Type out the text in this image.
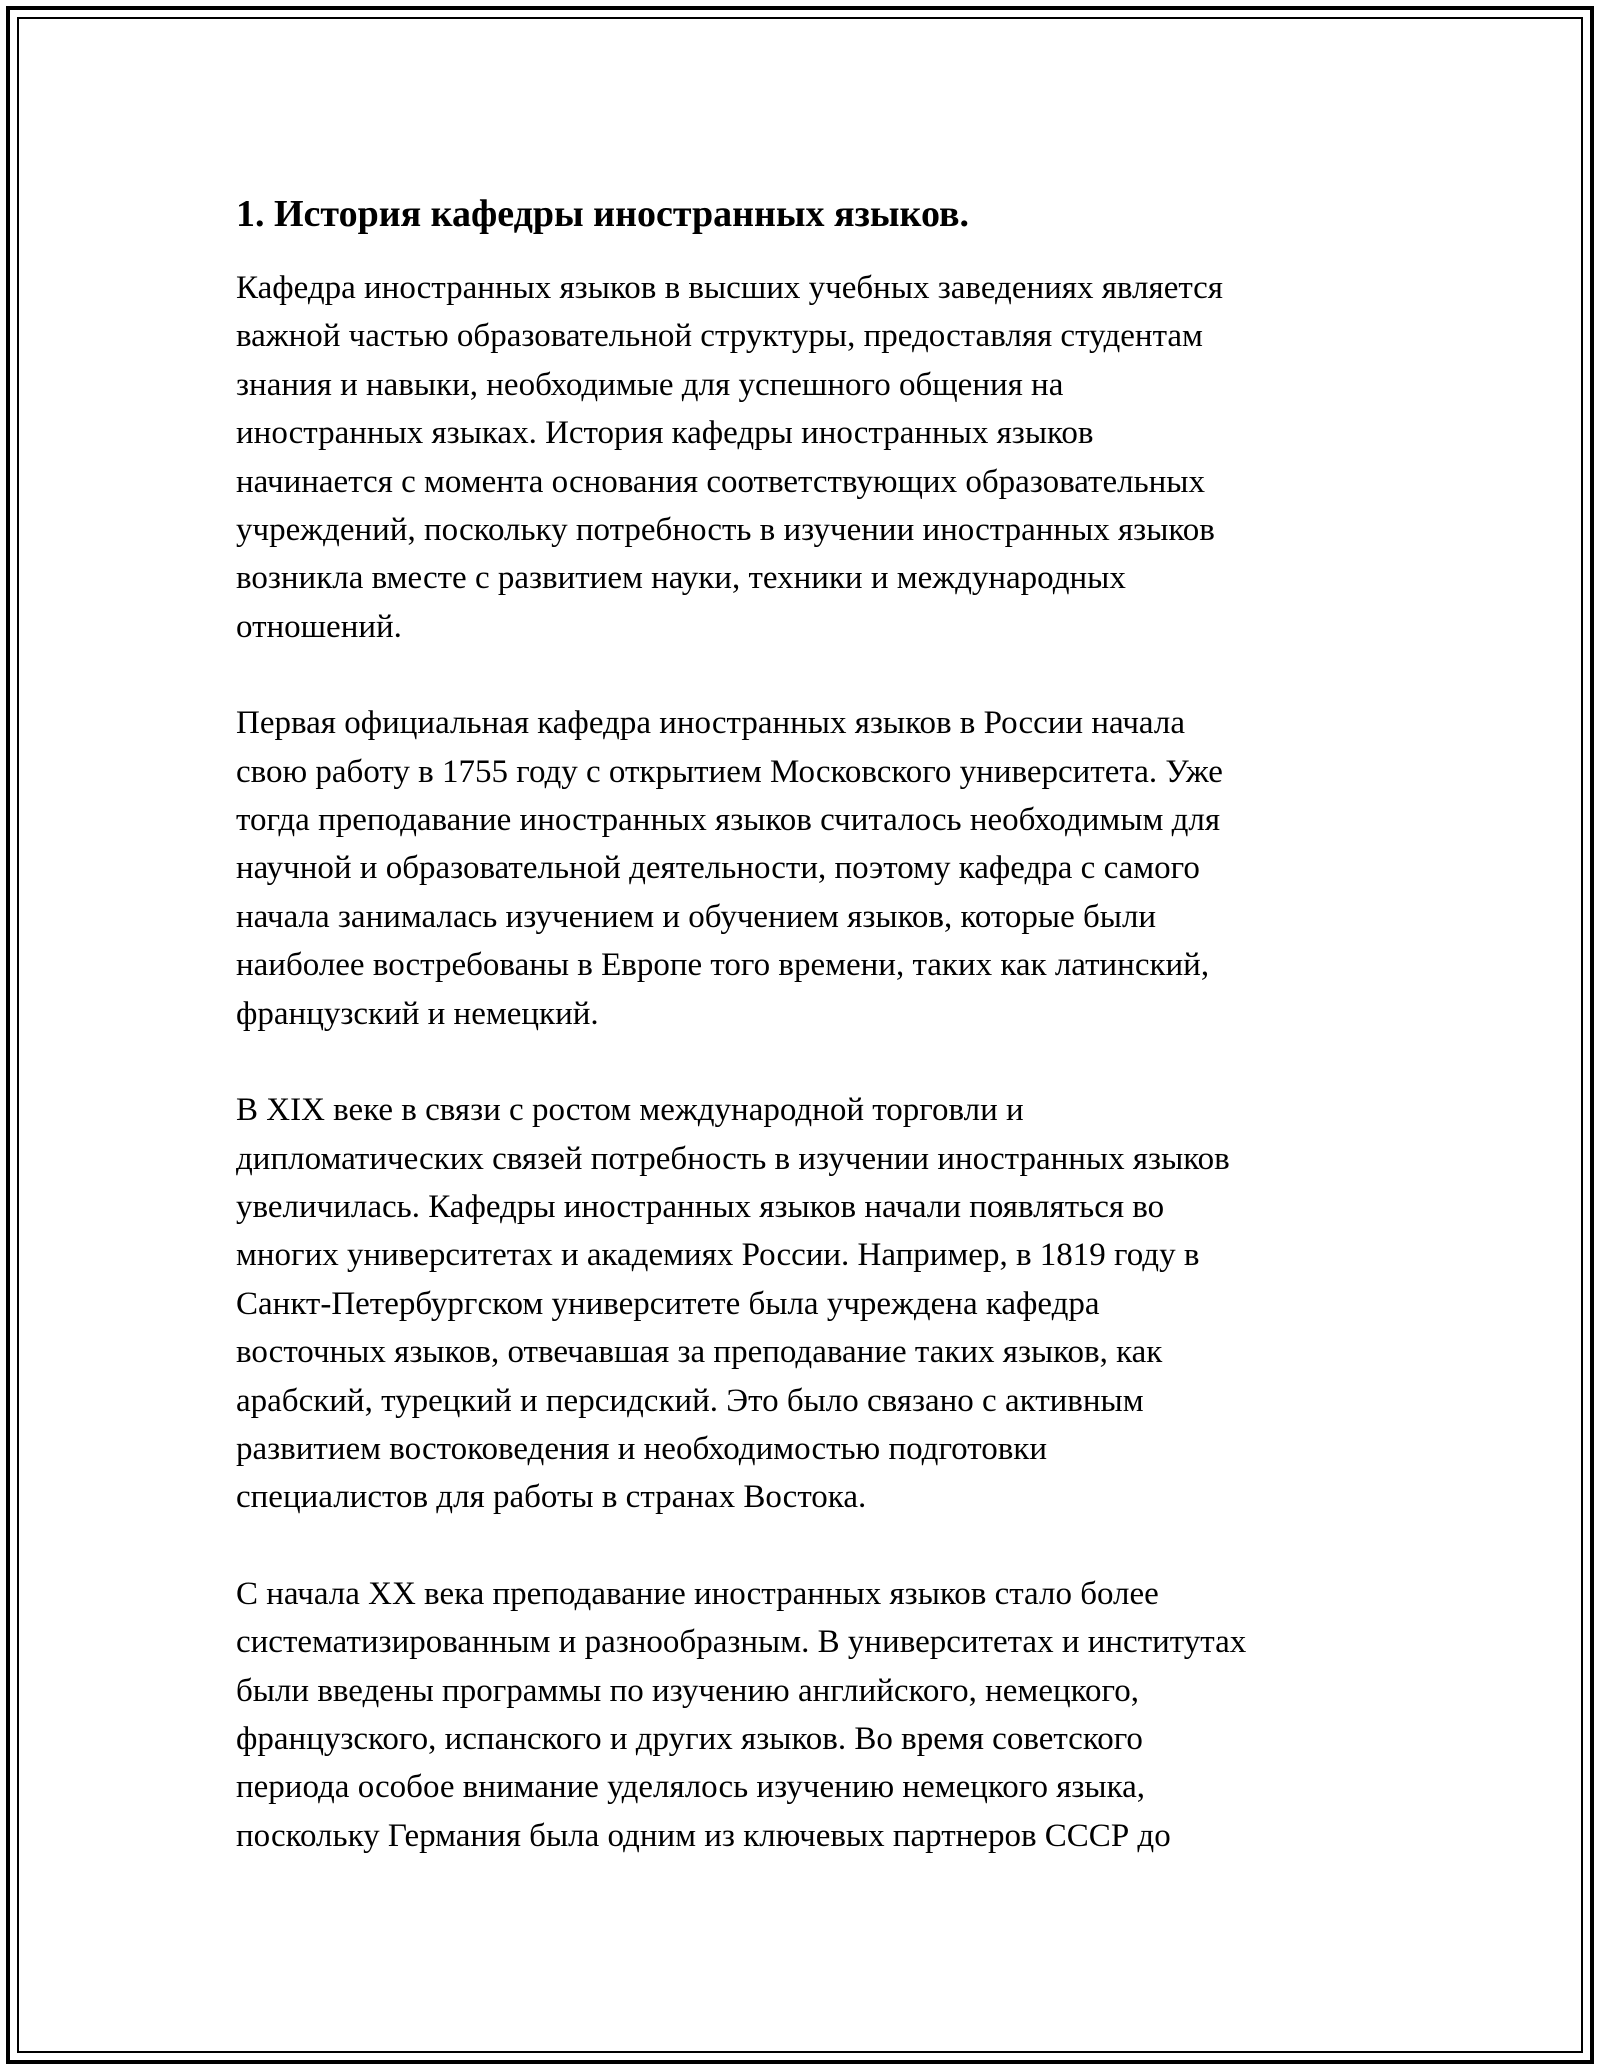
1. История кафедры иностранных языков.

Кафедра иностранных языков в высших учебных заведениях является
важной частью образовательной структуры, предоставляя студентам
знания и навыки, необходимые для успешного общения на
иностранных языках. История кафедры иностранных языков
начинается с момента основания соответствующих образовательных
учреждений, поскольку потребность в изучении иностранных языков
возникла вместе с развитием науки, техники и международных
отношений.

Первая официальная кафедра иностранных языков в России начала
свою работу в 1755 году с открытием Московского университета. Уже
тогда преподавание иностранных языков считалось необходимым для
научной и образовательной деятельности, поэтому кафедра с самого
начала занималась изучением и обучением языков, которые были
наиболее востребованы в Европе того времени, таких как латинский,
французский и немецкий.

В XIX веке в связи с ростом международной торговли и
дипломатических связей потребность в изучении иностранных языков
увеличилась. Кафедры иностранных языков начали появляться во
многих университетах и академиях России. Например, в 1819 году в
Санкт-Петербургском университете была учреждена кафедра
восточных языков, отвечавшая за преподавание таких языков, как
арабский, турецкий и персидский. Это было связано с активным
развитием востоковедения и необходимостью подготовки
специалистов для работы в странах Востока.

С начала XX века преподавание иностранных языков стало более
систематизированным и разнообразным. В университетах и институтах
были введены программы по изучению английского, немецкого,
французского, испанского и других языков. Во время советского
периода особое внимание уделялось изучению немецкого языка,
поскольку Германия была одним из ключевых партнеров СССР до
